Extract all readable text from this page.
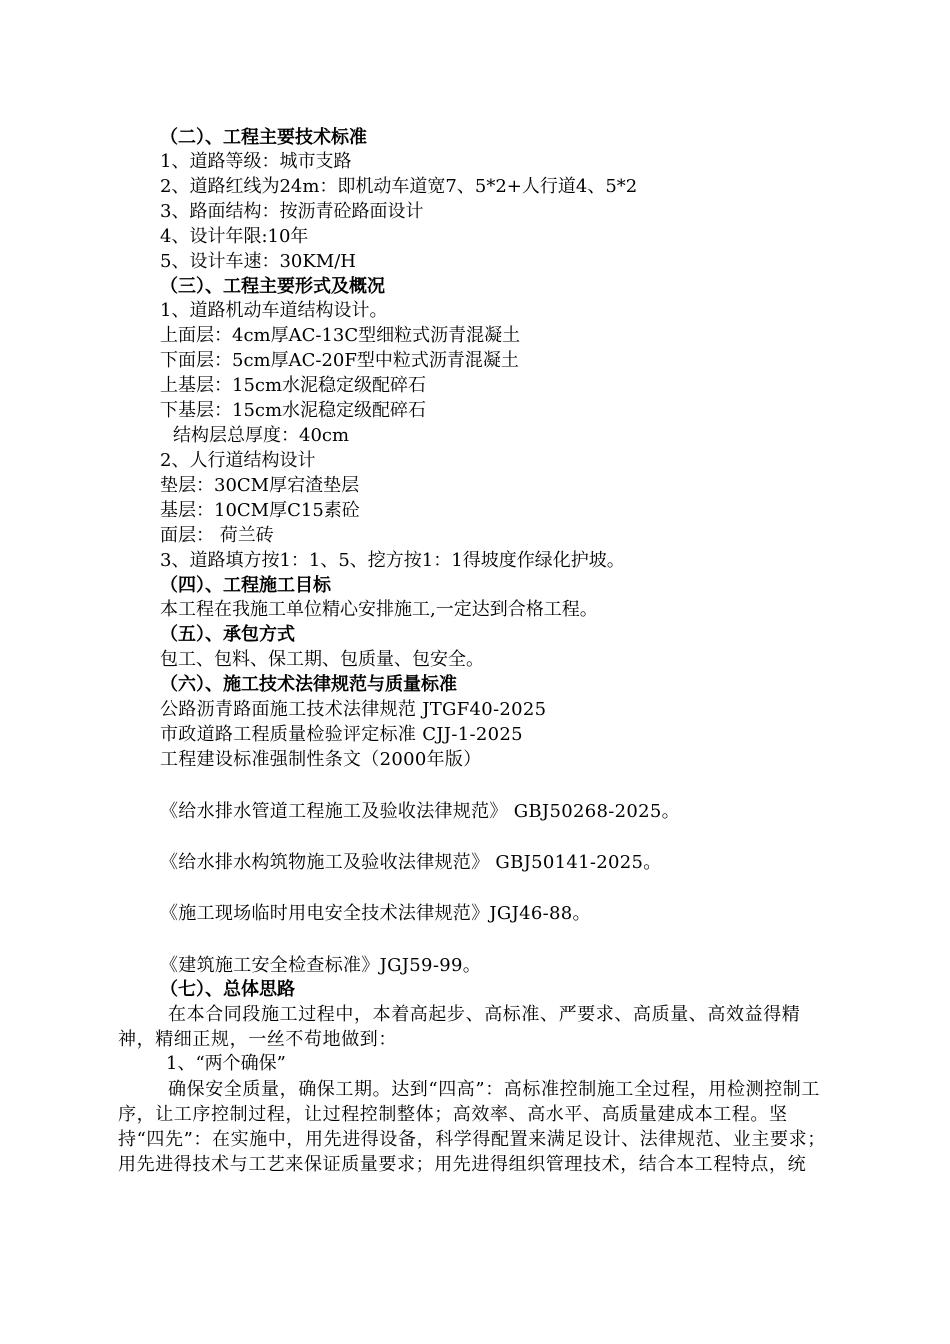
（二）、工程主要技术标准
1、道路等级：城市支路
2、道路红线为24m：即机动车道宽7、5*2+人行道4、5*2
3、路面结构：按沥青砼路面设计
4、设计年限:10年
5、设计车速：30KM/H
（三）、工程主要形式及概况
1、道路机动车道结构设计。
上面层：4cm厚AC-13C型细粒式沥青混凝土
下面层：5cm厚AC-20F型中粒式沥青混凝土
上基层：15cm水泥稳定级配碎石
下基层：15cm水泥稳定级配碎石
结构层总厚度：40cm
2、人行道结构设计
垫层：30CM厚宕渣垫层
基层：10CM厚C15素砼
面层： 荷兰砖
3、道路填方按1：1、5、挖方按1：1得坡度作绿化护坡。
（四）、工程施工目标
本工程在我施工单位精心安排施工,一定达到合格工程。
（五）、承包方式
包工、包料、保工期、包质量、包安全。
（六）、施工技术法律规范与质量标准
公路沥青路面施工技术法律规范 JTGF40-2025
市政道路工程质量检验评定标准 CJJ-1-2025
工程建设标准强制性条文（2000年版）
《给水排水管道工程施工及验收法律规范》 GBJ50268-2025。
《给水排水构筑物施工及验收法律规范》 GBJ50141-2025。
《施工现场临时用电安全技术法律规范》JGJ46-88。
《建筑施工安全检查标准》JGJ59-99。
（七）、总体思路
在本合同段施工过程中，本着高起步、高标准、严要求、高质量、高效益得精神，精细正规，一丝不苟地做到：
1、“两个确保”
确保安全质量，确保工期。达到“四高”：高标准控制施工全过程，用检测控制工序，让工序控制过程，让过程控制整体；高效率、高水平、高质量建成本工程。坚持“四先”：在实施中，用先进得设备，科学得配置来满足设计、法律规范、业主要求；用先进得技术与工艺来保证质量要求；用先进得组织管理技术，结合本工程特点，统
